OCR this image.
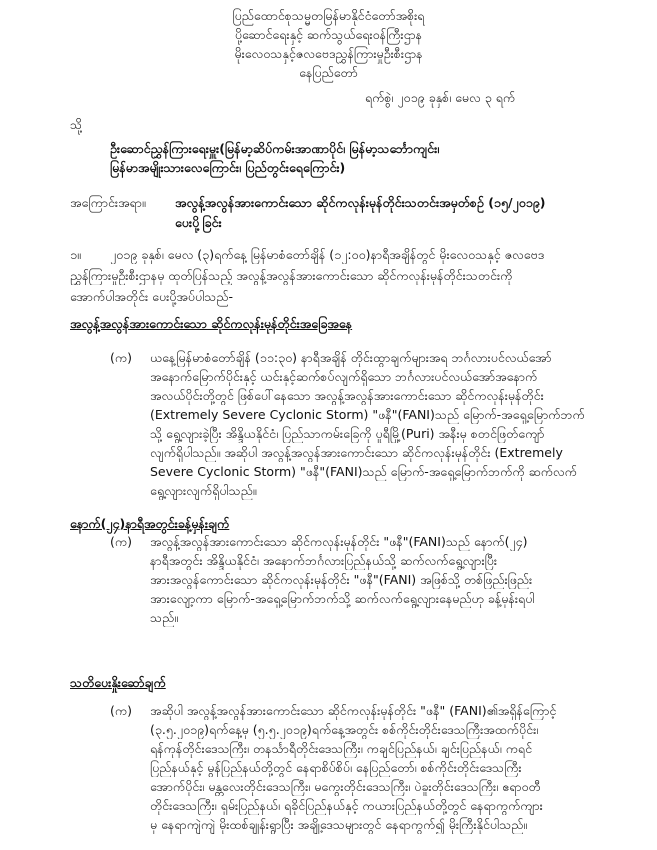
ပြည်ထောင်စုသမ္မတမြန်မာနိုင်ငံတော်အစိုးရ
ပို့ဆောင်ရေးနှင့် ဆက်သွယ်ရေးဝန်ကြီးဌာန
မိုးလေဝသနှင့်ဇလဗေဒညွှန်ကြားမှုဦးစီးဌာန
နေပြည်တော်
ရက်စွဲ၊ ၂၀၁၉ ခုနှစ်၊ မေလ ၃ ရက်
သို့
ဦးဆောင်ညွှန်ကြားရေးမှူး(မြန်မာ့ဆိပ်ကမ်းအာဏာပိုင်၊ မြန်မာ့သင်္ဘောကျင်း၊
မြန်မာအမျိုးသားလေကြောင်း၊ ပြည်တွင်းရေကြောင်း)
အကြောင်းအရာ။ အလွန့်အလွန်အားကောင်းသော ဆိုင်ကလုန်းမုန်တိုင်းသတင်းအမှတ်စဉ် (၁၅/၂၀၁၉)
ပေးပို့ခြင်း
၁။ ၂၀၁၉ ခုနှစ်၊ မေလ (၃)ရက်နေ့ မြန်မာစံတော်ချိန် (၁၂:၀၀)နာရီအချိန်တွင် မိုးလေဝသနှင့် ဇလဗေဒ
ညွှန်ကြားမှုဦးစီးဌာနမှ ထုတ်ပြန်သည့် အလွန့်အလွန်အားကောင်းသော ဆိုင်ကလုန်းမုန်တိုင်းသတင်းကို
အောက်ပါအတိုင်း ပေးပို့အပ်ပါသည်-
အလွန့်အလွန်အားကောင်းသော ဆိုင်ကလုန်းမုန်တိုင်းအခြေအနေ
(က) ယနေ့မြန်မာစံတော်ချိန် (၁၁:၃၀) နာရီအချိန် တိုင်းထွာချက်များအရ ဘင်္ဂလားပင်လယ်အော်
အနောက်မြောက်ပိုင်းနှင့် ယင်းနှင့်ဆက်စပ်လျက်ရှိသော ဘင်္ဂလားပင်လယ်အော်အနောက်
အလယ်ပိုင်းတို့တွင် ဖြစ်ပေါ်နေသော အလွန့်အလွန်အားကောင်းသော ဆိုင်ကလုန်းမုန်တိုင်း
(Extremely Severe Cyclonic Storm) "ဖနီ"(FANI)သည် မြောက်-အရှေ့မြောက်ဘက်
သို့ ရွေ့လျားခဲ့ပြီး အိန္ဒိယနိုင်ငံ၊ ပြည်သာကမ်းခြေကို ပူရီမြို့(Puri) အနီးမှ စတင်ဖြတ်ကျော်
လျက်ရှိပါသည်။ အဆိုပါ အလွန့်အလွန်အားကောင်းသော ဆိုင်ကလုန်းမုန်တိုင်း (Extremely
Severe Cyclonic Storm) "ဖနီ"(FANI)သည် မြောက်-အရှေ့မြောက်ဘက်ကို ဆက်လက်
ရွေ့လျားလျက်ရှိပါသည်။
နောက်(၂၄)နာရီအတွင်းခန့်မှန်းချက်
(က) အလွန့်အလွန်အားကောင်းသော ဆိုင်ကလုန်းမုန်တိုင်း "ဖနီ"(FANI)သည် နောက်(၂၄)
နာရီအတွင်း အိန္ဒိယနိုင်ငံ၊ အနောက်ဘင်္ဂလားပြည်နယ်သို့ ဆက်လက်ရွေ့လျားပြီး
အားအလွန်ကောင်းသော ဆိုင်ကလုန်းမုန်တိုင်း "ဖနီ"(FANI) အဖြစ်သို့ တစ်ဖြည်းဖြည်း
အားလျော့ကာ မြောက်-အရှေ့မြောက်ဘက်သို့ ဆက်လက်ရွေ့လျားနေမည်ဟု ခန့်မှန်းရပါ
သည်။
သတိပေးနှိုးဆော်ချက်
(က) အဆိုပါ အလွန့်အလွန်အားကောင်းသော ဆိုင်ကလုန်းမုန်တိုင်း "ဖနီ" (FANI)၏အရှိန်ကြောင့်
(၃.၅.၂၀၁၉)ရက်နေ့မှ (၅.၅.၂၀၁၉)ရက်နေ့အတွင်း စစ်ကိုင်းတိုင်းဒေသကြီးအထက်ပိုင်း၊
ရန်ကုန်တိုင်းဒေသကြီး၊ တနင်္သာရီတိုင်းဒေသကြီး၊ ကချင်ပြည်နယ်၊ ချင်းပြည်နယ်၊ ကရင်
ပြည်နယ်နှင့် မွန်ပြည်နယ်တို့တွင် နေရာစိပ်စိပ်၊ နေပြည်တော်၊ စစ်ကိုင်းတိုင်းဒေသကြီး
အောက်ပိုင်း၊ မန္တလေးတိုင်းဒေသကြီး၊ မကွေးတိုင်းဒေသကြီး၊ ပဲခူးတိုင်းဒေသကြီး၊ ဧရာဝတီ
တိုင်းဒေသကြီး၊ ရှမ်းပြည်နယ်၊ ရခိုင်ပြည်နယ်နှင့် ကယားပြည်နယ်တို့တွင် နေရာကွက်ကျား
မှ နေရာကျဲကျဲ မိုးထစ်ချုန်းရွာပြီး အချို့ဒေသများတွင် နေရာကွက်၍ မိုးကြီးနိုင်ပါသည်။
